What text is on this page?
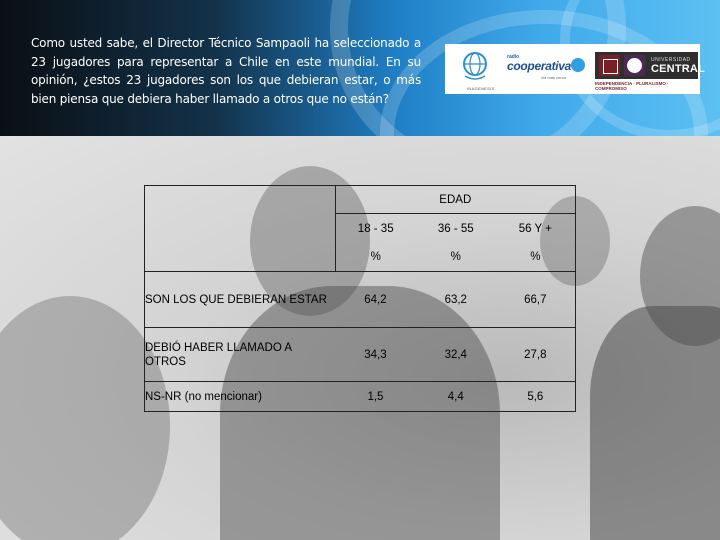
Como usted sabe, el Director Técnico Sampaoli ha seleccionado a 23 jugadores para representar a Chile en este mundial. En su opinión, ¿estos 23 jugadores son los que debieran estar, o más bien piensa que debiera haber llamado a otros que no están?
INAGENESIS
radio
cooperativa
vía más cerca
UNIVERSIDAD
CENTRAL
INDEPENDENCIA · PLURALISMO · COMPROMISO
	EDAD		
	18 - 35	36 - 55	56 Y +
	%	%	%
SON LOS QUE DEBIERAN ESTAR	64,2	63,2	66,7
DEBIÓ HABER LLAMADO A OTROS	34,3	32,4	27,8
NS-NR (no mencionar)	1,5	4,4	5,6
